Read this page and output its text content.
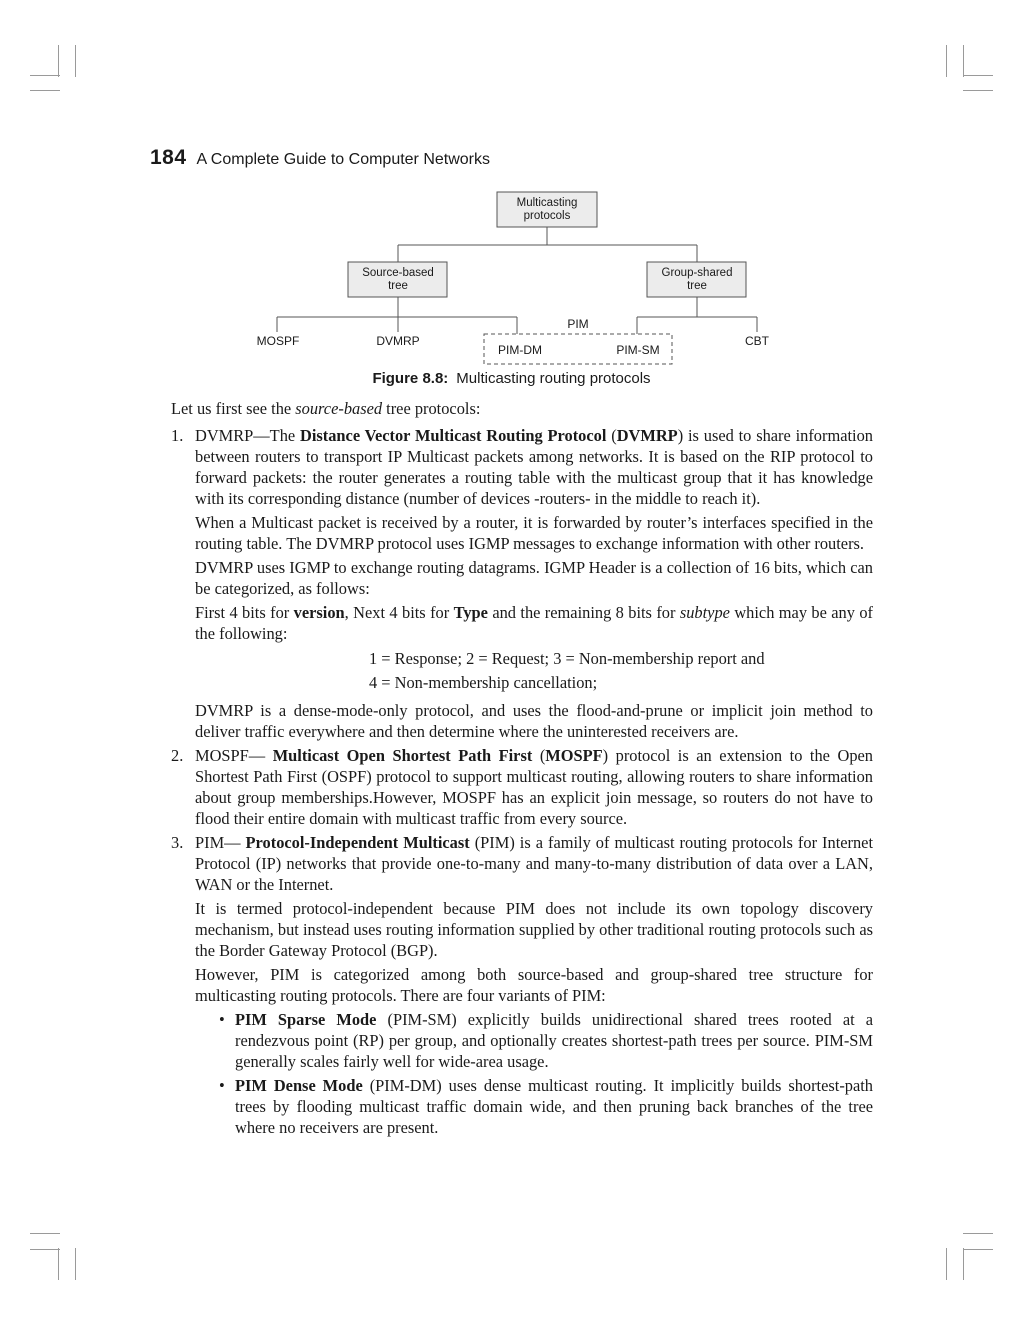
184 A Complete Guide to Computer Networks
Multicasting
protocols
Source-based
tree
Group-shared
tree
PIM
MOSPF	DVMRP
PIM-DM	PIM-SM
CBT
Figure 8.8: Multicasting routing protocols

Let us first see the source-based tree protocols:

1. DVMRP—The Distance Vector Multicast Routing Protocol (DVMRP) is used to share information between routers to transport IP Multicast packets among networks. It is based on the RIP protocol to forward packets: the router generates a routing table with the multicast group that it has knowledge with its corresponding distance (number of devices -routers- in the middle to reach it).

When a Multicast packet is received by a router, it is forwarded by router’s interfaces specified in the routing table. The DVMRP protocol uses IGMP messages to exchange information with other routers.

DVMRP uses IGMP to exchange routing datagrams. IGMP Header is a collection of 16 bits, which can be categorized, as follows:

First 4 bits for version, Next 4 bits for Type and the remaining 8 bits for subtype which may be any of the following:

1 = Response; 2 = Request; 3 = Non-membership report and
4 = Non-membership cancellation;

DVMRP is a dense-mode-only protocol, and uses the flood-and-prune or implicit join method to deliver traffic everywhere and then determine where the uninterested receivers are.

2. MOSPF— Multicast Open Shortest Path First (MOSPF) protocol is an extension to the Open Shortest Path First (OSPF) protocol to support multicast routing, allowing routers to share information about group memberships.However, MOSPF has an explicit join message, so routers do not have to flood their entire domain with multicast traffic from every source.

3. PIM— Protocol-Independent Multicast (PIM) is a family of multicast routing protocols for Internet Protocol (IP) networks that provide one-to-many and many-to-many distribution of data over a LAN, WAN or the Internet.

It is termed protocol-independent because PIM does not include its own topology discovery mechanism, but instead uses routing information supplied by other traditional routing protocols such as the Border Gateway Protocol (BGP).

However, PIM is categorized among both source-based and group-shared tree structure for multicasting routing protocols. There are four variants of PIM:

• PIM Sparse Mode (PIM-SM) explicitly builds unidirectional shared trees rooted at a rendezvous point (RP) per group, and optionally creates shortest-path trees per source. PIM-SM generally scales fairly well for wide-area usage.

• PIM Dense Mode (PIM-DM) uses dense multicast routing. It implicitly builds shortest-path trees by flooding multicast traffic domain wide, and then pruning back branches of the tree where no receivers are present.
